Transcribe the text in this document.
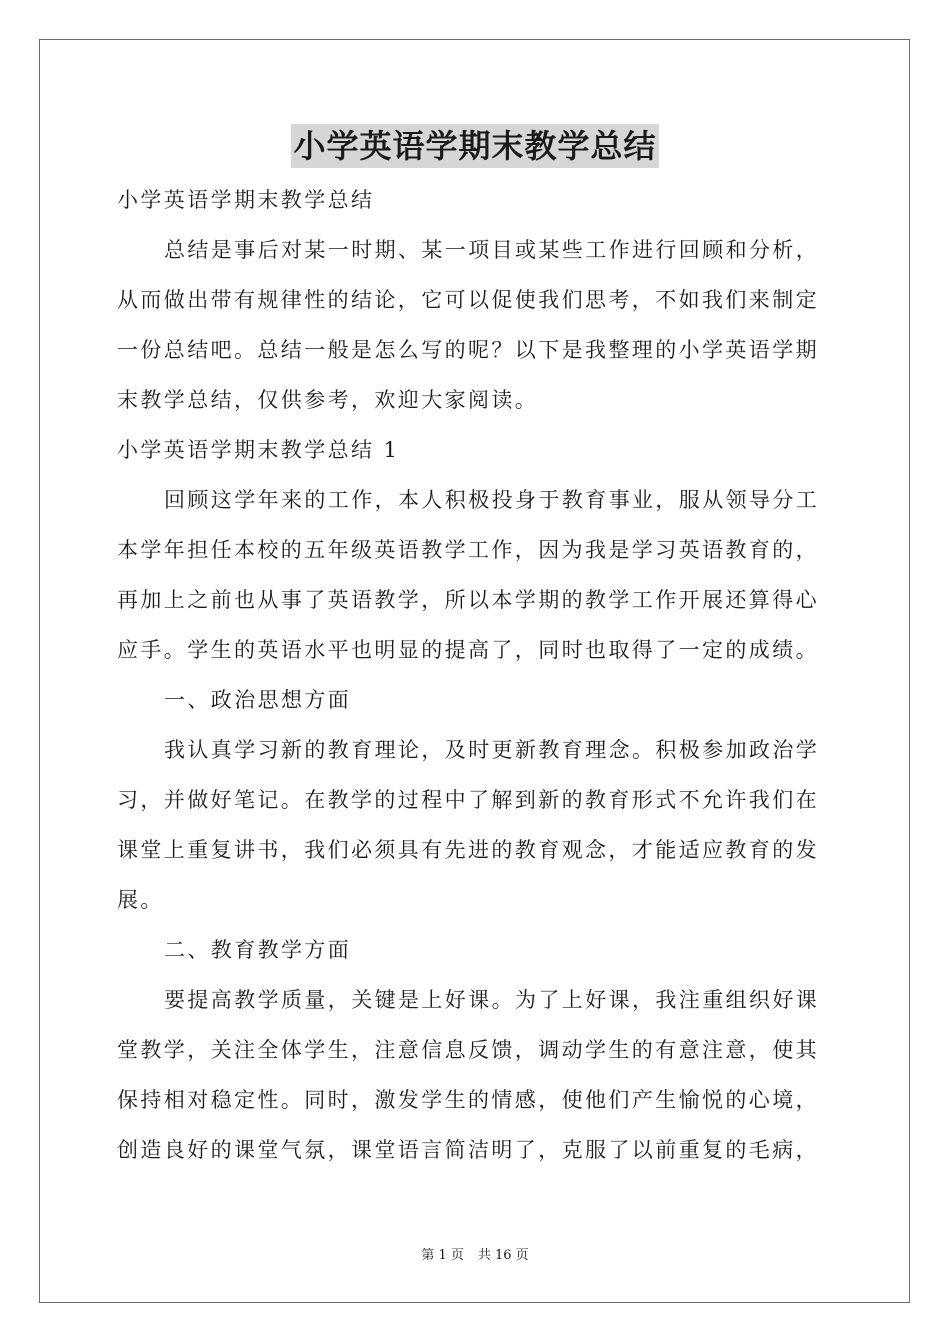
小学英语学期末教学总结
小学英语学期末教学总结
总结是事后对某一时期、某一项目或某些工作进行回顾和分析，
从而做出带有规律性的结论，它可以促使我们思考，不如我们来制定
一份总结吧。总结一般是怎么写的呢？以下是我整理的小学英语学期
末教学总结，仅供参考，欢迎大家阅读。
小学英语学期末教学总结 1
回顾这学年来的工作，本人积极投身于教育事业，服从领导分工
本学年担任本校的五年级英语教学工作，因为我是学习英语教育的，
再加上之前也从事了英语教学，所以本学期的教学工作开展还算得心
应手。学生的英语水平也明显的提高了，同时也取得了一定的成绩。
一、政治思想方面
我认真学习新的教育理论，及时更新教育理念。积极参加政治学
习，并做好笔记。在教学的过程中了解到新的教育形式不允许我们在
课堂上重复讲书，我们必须具有先进的教育观念，才能适应教育的发
展。
二、教育教学方面
要提高教学质量，关键是上好课。为了上好课，我注重组织好课
堂教学，关注全体学生，注意信息反馈，调动学生的有意注意，使其
保持相对稳定性。同时，激发学生的情感，使他们产生愉悦的心境，
创造良好的课堂气氛，课堂语言简洁明了，克服了以前重复的毛病，
第 1 页 共 16 页
